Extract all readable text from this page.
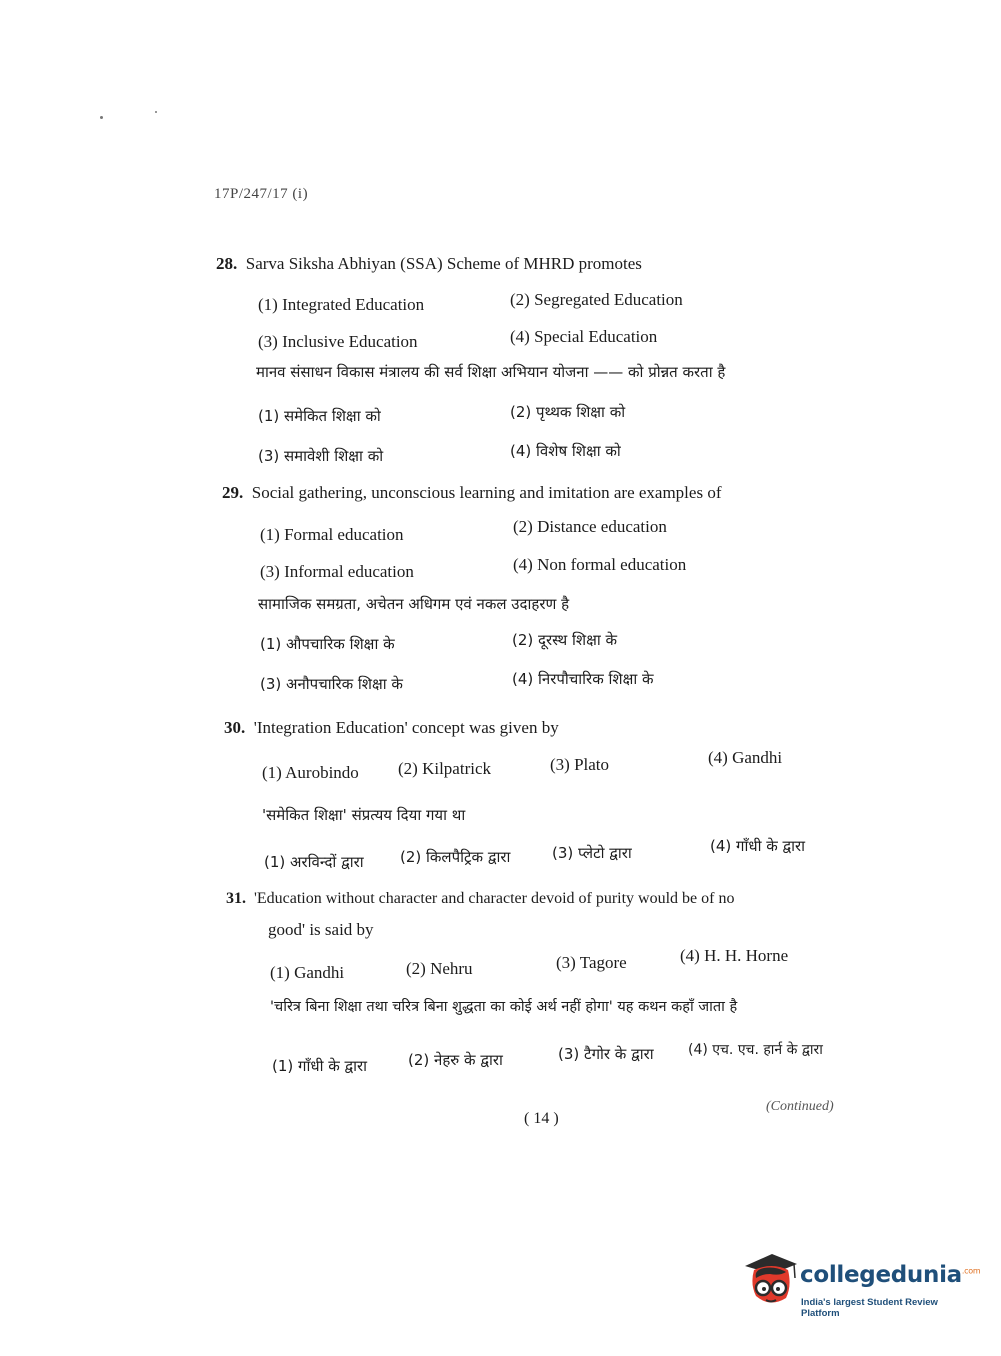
17P/247/17 (i)
28. Sarva Siksha Abhiyan (SSA) Scheme of MHRD promotes
(1) Integrated Education	(2) Segregated Education
(3) Inclusive Education	(4) Special Education
मानव संसाधन विकास मंत्रालय की सर्व शिक्षा अभियान योजना —— को प्रोन्नत करता है
(1) समेकित शिक्षा को	(2) पृथ्थक शिक्षा को
(3) समावेशी शिक्षा को	(4) विशेष शिक्षा को
29. Social gathering, unconscious learning and imitation are examples of
(1) Formal education	(2) Distance education
(3) Informal education	(4) Non formal education
सामाजिक समग्रता, अचेतन अधिगम एवं नकल उदाहरण है
(1) औपचारिक शिक्षा के	(2) दूरस्थ शिक्षा के
(3) अनौपचारिक शिक्षा के	(4) निरपौचारिक शिक्षा के
30. 'Integration Education' concept was given by
(1) Aurobindo (2) Kilpatrick	(3) Plato	(4) Gandhi
'समेकित शिक्षा' संप्रत्यय दिया गया था
(1) अरविन्दों द्वारा (2) किलपैट्रिक द्वारा	(3) प्लेटो द्वारा	(4) गाँधी के द्वारा
31. 'Education without character and character devoid of purity would be of no
good' is said by
(1) Gandhi	(2) Nehru	(3) Tagore	(4) H. H. Horne
'चरित्र बिना शिक्षा तथा चरित्र बिना शुद्धता का कोई अर्थ नहीं होगा' यह कथन कहाँ जाता है
(1) गाँधी के द्वारा	(2) नेहरु के द्वारा	(3) टैगोर के द्वारा (4) एच. एच. हार्न के द्वारा
( 14 )
(Continued)
collegedunia$^{.com}$
India's largest Student Review Platform
